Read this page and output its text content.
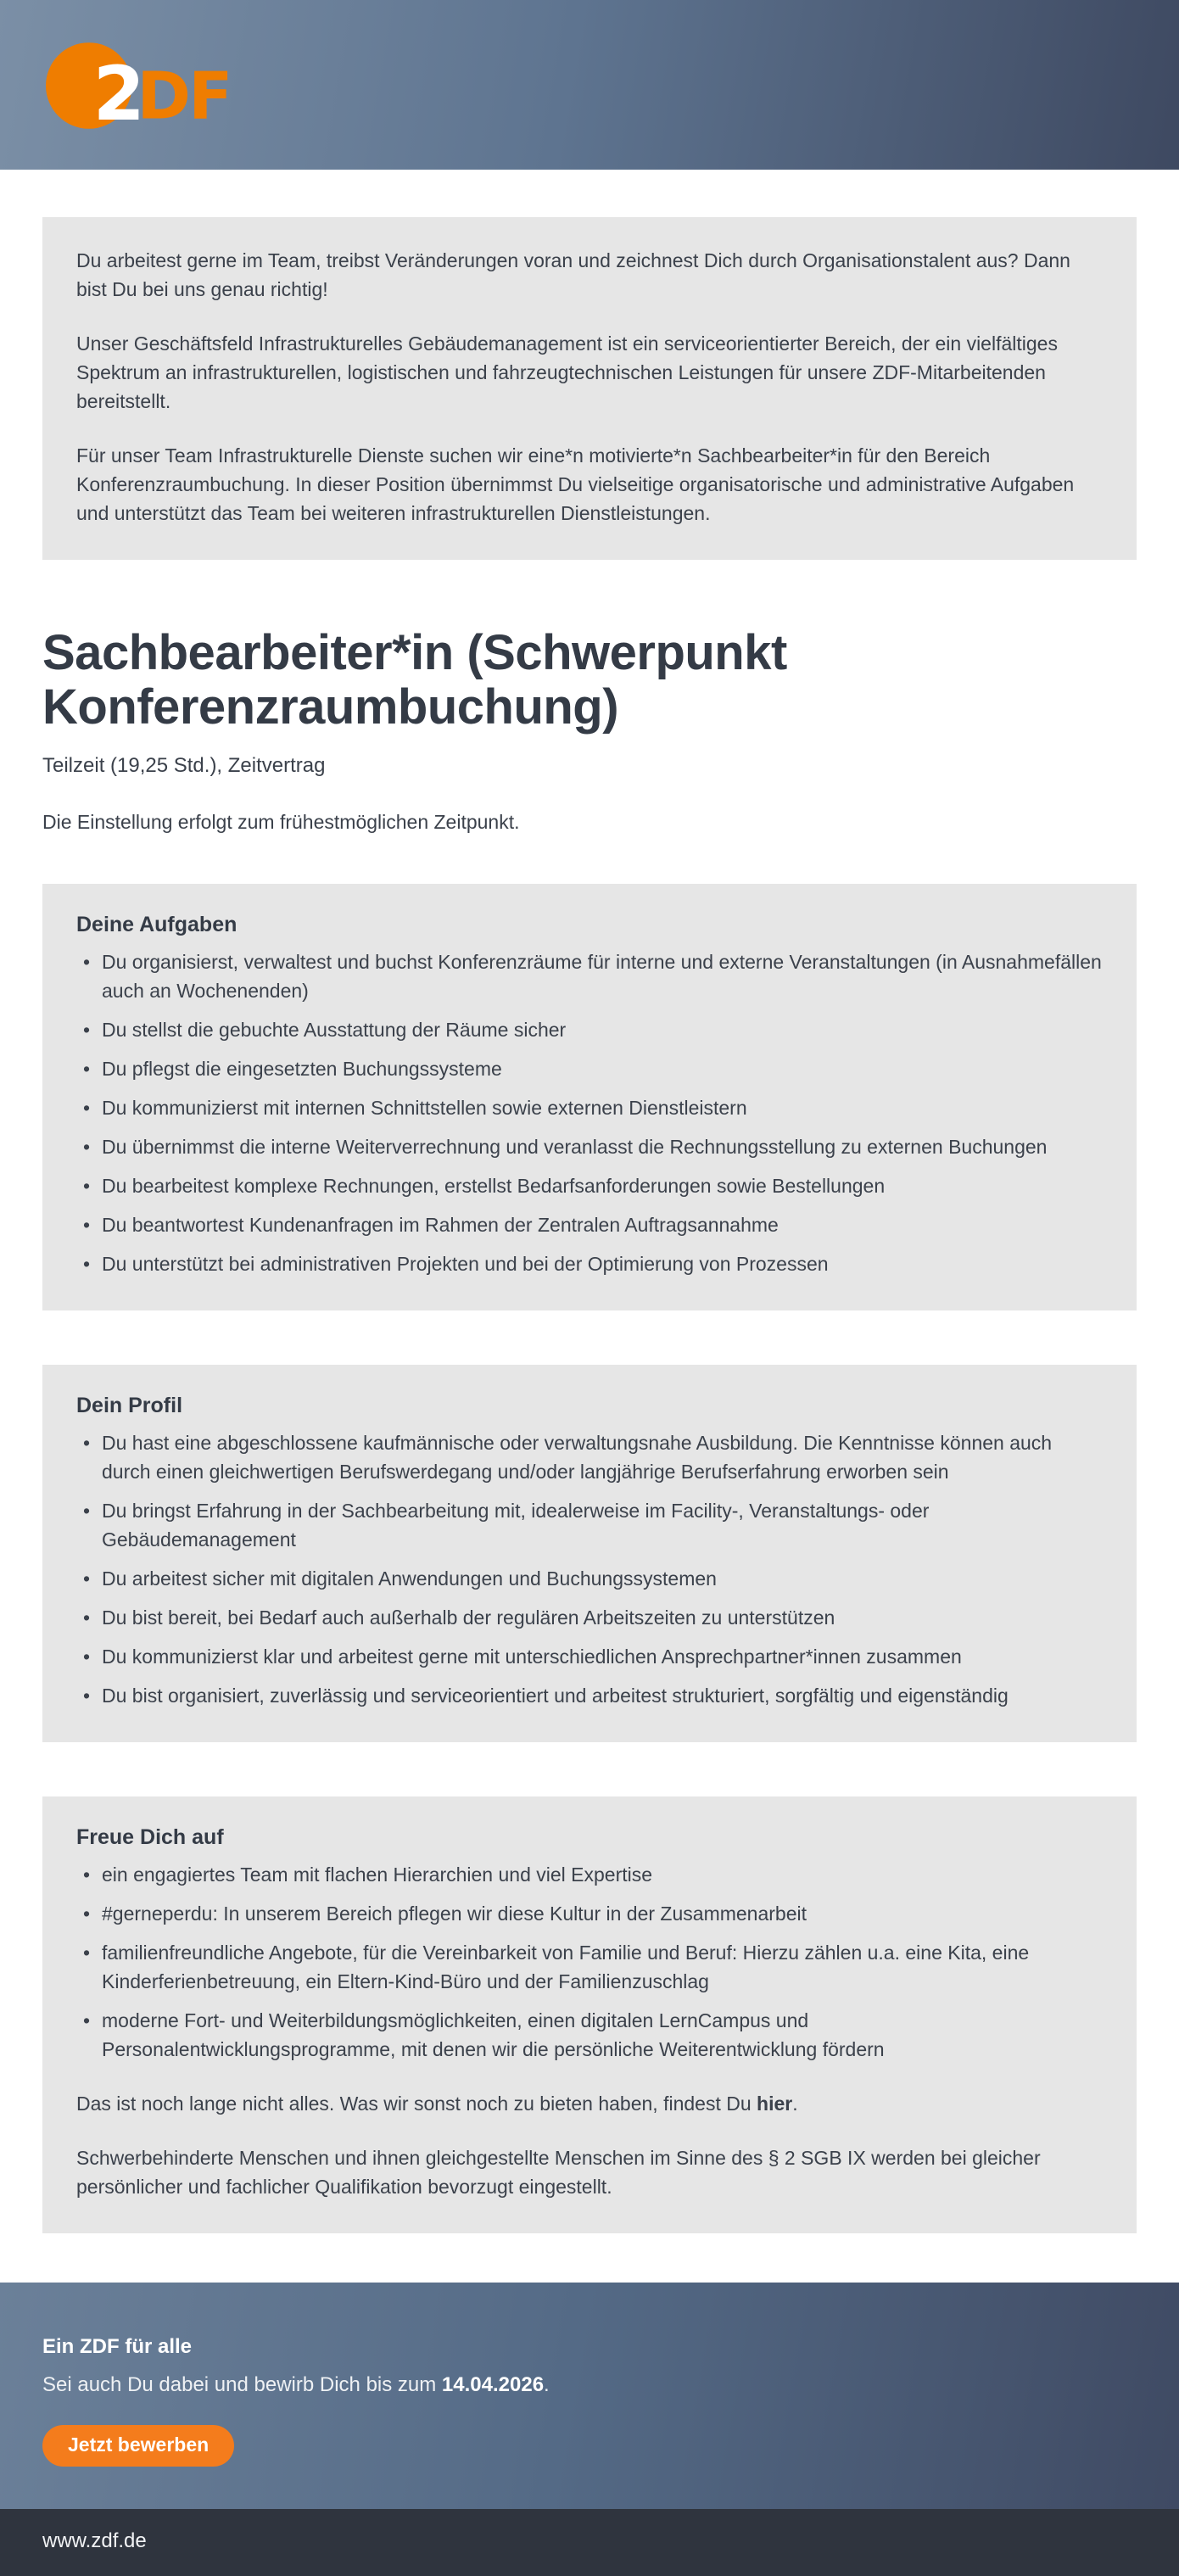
DF
2

Du arbeitest gerne im Team, treibst Veränderungen voran und zeichnest Dich durch Organisationstalent aus? Dann bist Du bei uns genau richtig!

Unser Geschäftsfeld Infrastrukturelles Gebäudemanagement ist ein serviceorientierter Bereich, der ein vielfältiges Spektrum an infrastrukturellen, logistischen und fahrzeugtechnischen Leistungen für unsere ZDF-Mitarbeitenden bereitstellt.

Für unser Team Infrastrukturelle Dienste suchen wir eine*n motivierte*n Sachbearbeiter*in für den Bereich Konferenzraumbuchung. In dieser Position übernimmst Du vielseitige organisatorische und administrative Aufgaben und unterstützt das Team bei weiteren infrastrukturellen Dienstleistungen.

Sachbearbeiter*in (Schwerpunkt Konferenzraumbuchung)

Teilzeit (19,25 Std.), Zeitvertrag

Die Einstellung erfolgt zum frühestmöglichen Zeitpunkt.

Deine Aufgaben
• Du organisierst, verwaltest und buchst Konferenzräume für interne und externe Veranstaltungen (in Ausnahmefällen auch an Wochenenden)
• Du stellst die gebuchte Ausstattung der Räume sicher
• Du pflegst die eingesetzten Buchungssysteme
• Du kommunizierst mit internen Schnittstellen sowie externen Dienstleistern
• Du übernimmst die interne Weiterverrechnung und veranlasst die Rechnungsstellung zu externen Buchungen
• Du bearbeitest komplexe Rechnungen, erstellst Bedarfsanforderungen sowie Bestellungen
• Du beantwortest Kundenanfragen im Rahmen der Zentralen Auftragsannahme
• Du unterstützt bei administrativen Projekten und bei der Optimierung von Prozessen
Dein Profil
• Du hast eine abgeschlossene kaufmännische oder verwaltungsnahe Ausbildung. Die Kenntnisse können auch durch einen gleichwertigen Berufswerdegang und/oder langjährige Berufserfahrung erworben sein
• Du bringst Erfahrung in der Sachbearbeitung mit, idealerweise im Facility-, Veranstaltungs- oder Gebäudemanagement
• Du arbeitest sicher mit digitalen Anwendungen und Buchungssystemen
• Du bist bereit, bei Bedarf auch außerhalb der regulären Arbeitszeiten zu unterstützen
• Du kommunizierst klar und arbeitest gerne mit unterschiedlichen Ansprechpartner*innen zusammen
• Du bist organisiert, zuverlässig und serviceorientiert und arbeitest strukturiert, sorgfältig und eigenständig
Freue Dich auf
• ein engagiertes Team mit flachen Hierarchien und viel Expertise
• #gerneperdu: In unserem Bereich pflegen wir diese Kultur in der Zusammenarbeit
• familienfreundliche Angebote, für die Vereinbarkeit von Familie und Beruf: Hierzu zählen u.a. eine Kita, eine Kinderferienbetreuung, ein Eltern-Kind-Büro und der Familienzuschlag
• moderne Fort- und Weiterbildungsmöglichkeiten, einen digitalen LernCampus und Personalentwicklungsprogramme, mit denen wir die persönliche Weiterentwicklung fördern

Das ist noch lange nicht alles. Was wir sonst noch zu bieten haben, findest Du hier.

Schwerbehinderte Menschen und ihnen gleichgestellte Menschen im Sinne des § 2 SGB IX werden bei gleicher persönlicher und fachlicher Qualifikation bevorzugt eingestellt.

Ein ZDF für alle

Sei auch Du dabei und bewirb Dich bis zum 14.04.2026.

Jetzt bewerben
www.zdf.de
